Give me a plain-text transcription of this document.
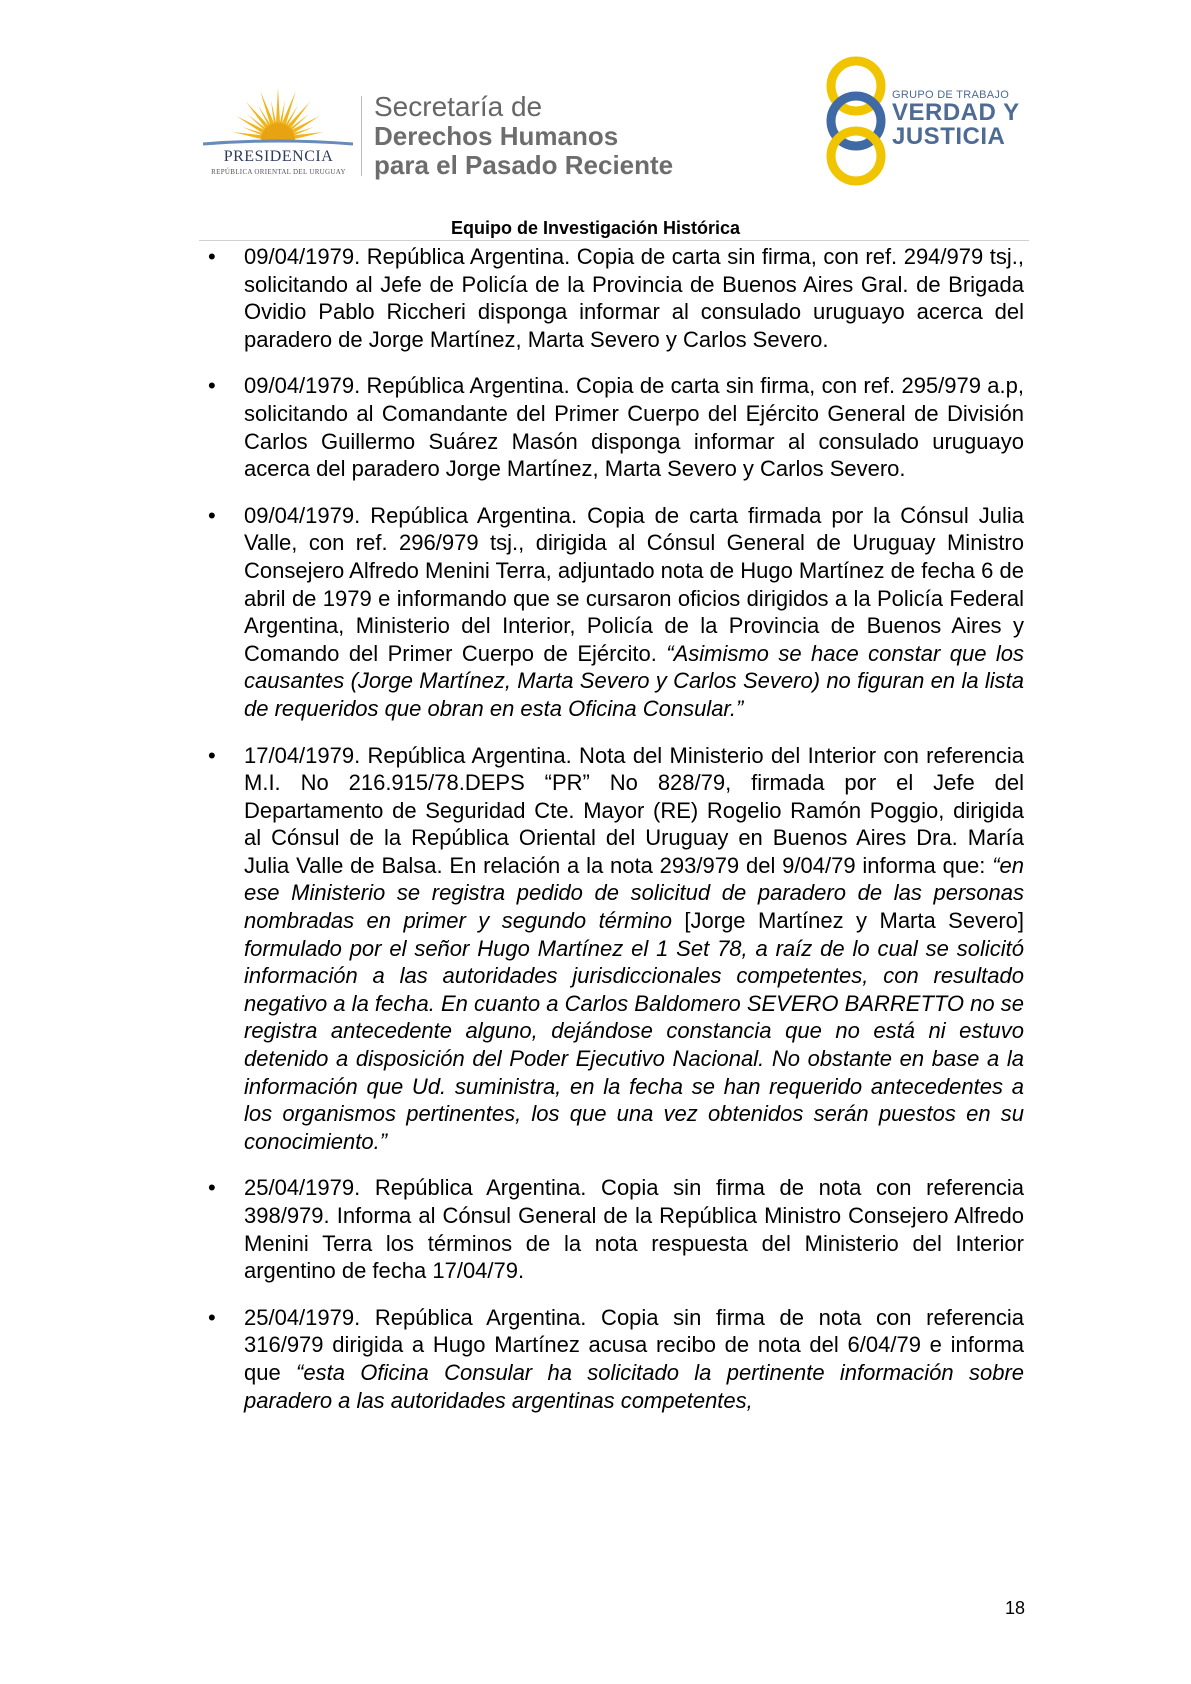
PRESIDENCIA
REPÚBLICA ORIENTAL DEL URUGUAY
Secretaría de
Derechos Humanos
para el Pasado Reciente
GRUPO DE TRABAJO
VERDAD Y
JUSTICIA
Equipo de Investigación Histórica
• 09/04/1979. República Argentina. Copia de carta sin firma, con ref. 294/979 tsj., solicitando al Jefe de Policía de la Provincia de Buenos Aires Gral. de Brigada Ovidio Pablo Riccheri disponga informar al consulado uruguayo acerca del paradero de Jorge Martínez, Marta Severo y Carlos Severo.

• 09/04/1979. República Argentina. Copia de carta sin firma, con ref. 295/979 a.p, solicitando al Comandante del Primer Cuerpo del Ejército General de División Carlos Guillermo Suárez Masón disponga informar al consulado uruguayo acerca del paradero Jorge Martínez, Marta Severo y Carlos Severo.

• 09/04/1979. República Argentina. Copia de carta firmada por la Cónsul Julia Valle, con ref. 296/979 tsj., dirigida al Cónsul General de Uruguay Ministro Consejero Alfredo Menini Terra, adjuntado nota de Hugo Martínez de fecha 6 de abril de 1979 e informando que se cursaron oficios dirigidos a la Policía Federal Argentina, Ministerio del Interior, Policía de la Provincia de Buenos Aires y Comando del Primer Cuerpo de Ejército. “Asimismo se hace constar que los causantes (Jorge Martínez, Marta Severo y Carlos Severo) no figuran en la lista de requeridos que obran en esta Oficina Consular.”

• 17/04/1979. República Argentina. Nota del Ministerio del Interior con referencia M.I. No 216.915/78.DEPS “PR” No 828/79, firmada por el Jefe del Departamento de Seguridad Cte. Mayor (RE) Rogelio Ramón Poggio, dirigida al Cónsul de la República Oriental del Uruguay en Buenos Aires Dra. María Julia Valle de Balsa. En relación a la nota 293/979 del 9/04/79 informa que: “en ese Ministerio se registra pedido de solicitud de paradero de las personas nombradas en primer y segundo término [Jorge Martínez y Marta Severo] formulado por el señor Hugo Martínez el 1 Set 78, a raíz de lo cual se solicitó información a las autoridades jurisdiccionales competentes, con resultado negativo a la fecha. En cuanto a Carlos Baldomero SEVERO BARRETTO no se registra antecedente alguno, dejándose constancia que no está ni estuvo detenido a disposición del Poder Ejecutivo Nacional. No obstante en base a la información que Ud. suministra, en la fecha se han requerido antecedentes a los organismos pertinentes, los que una vez obtenidos serán puestos en su conocimiento.”

• 25/04/1979. República Argentina. Copia sin firma de nota con referencia 398/979. Informa al Cónsul General de la República Ministro Consejero Alfredo Menini Terra los términos de la nota respuesta del Ministerio del Interior argentino de fecha 17/04/79.

• 25/04/1979. República Argentina. Copia sin firma de nota con referencia 316/979 dirigida a Hugo Martínez acusa recibo de nota del 6/04/79 e informa que “esta Oficina Consular ha solicitado la pertinente información sobre paradero a las autoridades argentinas competentes,

18
